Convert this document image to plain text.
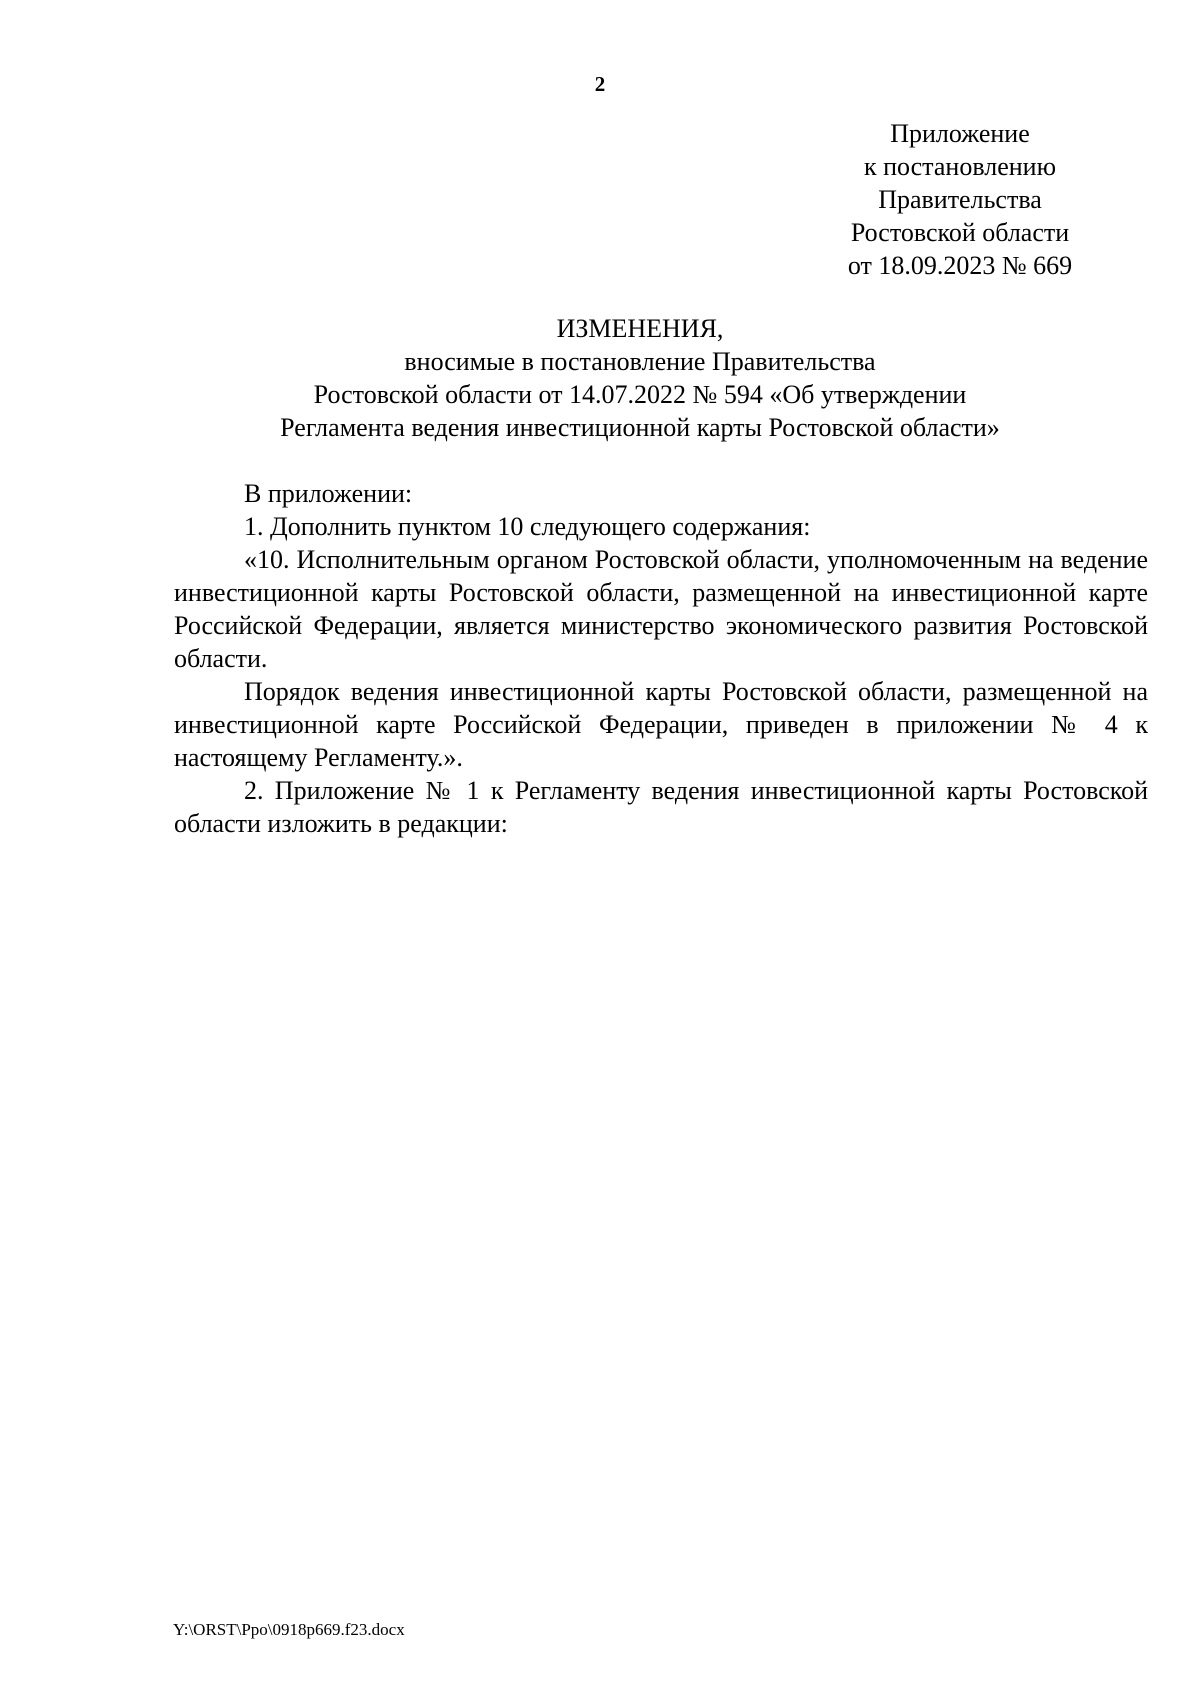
2
Приложение
к постановлению
Правительства
Ростовской области
от 18.09.2023 № 669
ИЗМЕНЕНИЯ,
вносимые в постановление Правительства
Ростовской области от 14.07.2022 № 594 «Об утверждении
Регламента ведения инвестиционной карты Ростовской области»

В приложении:

1. Дополнить пунктом 10 следующего содержания:

«10. Исполнительным органом Ростовской области, уполномоченным на ведение инвестиционной карты Ростовской области, размещенной на инвестиционной карте Российской Федерации, является министерство экономического развития Ростовской области.

Порядок ведения инвестиционной карты Ростовской области, размещенной на инвестиционной карте Российской Федерации, приведен в приложении № 4 к настоящему Регламенту.».

2. Приложение № 1 к Регламенту ведения инвестиционной карты Ростовской области изложить в редакции:

Y:\ORST\Ppo\0918p669.f23.docx
